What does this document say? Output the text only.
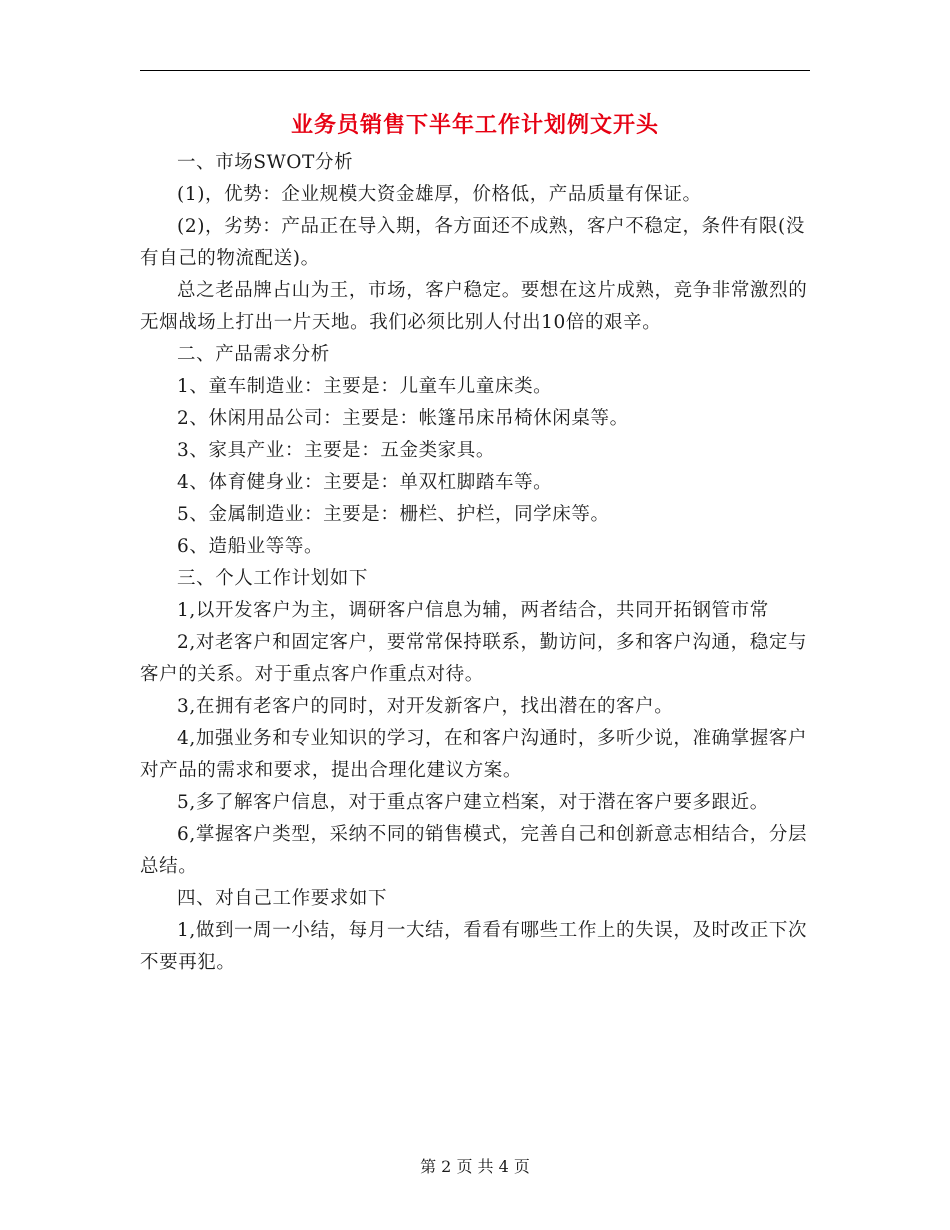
业务员销售下半年工作计划例文开头

一、市场SWOT分析

(1)，优势：企业规模大资金雄厚，价格低，产品质量有保证。

(2)，劣势：产品正在导入期，各方面还不成熟，客户不稳定，条件有限(没有自己的物流配送)。

总之老品牌占山为王，市场，客户稳定。要想在这片成熟，竞争非常激烈的无烟战场上打出一片天地。我们必须比别人付出10倍的艰辛。

二、产品需求分析

1、童车制造业：主要是：儿童车儿童床类。

2、休闲用品公司：主要是：帐篷吊床吊椅休闲桌等。

3、家具产业：主要是：五金类家具。

4、体育健身业：主要是：单双杠脚踏车等。

5、金属制造业：主要是：栅栏、护栏，同学床等。

6、造船业等等。

三、个人工作计划如下

1,以开发客户为主，调研客户信息为辅，两者结合，共同开拓钢管市常

2,对老客户和固定客户，要常常保持联系，勤访问，多和客户沟通，稳定与客户的关系。对于重点客户作重点对待。

3,在拥有老客户的同时，对开发新客户，找出潜在的客户。

4,加强业务和专业知识的学习，在和客户沟通时，多听少说，准确掌握客户对产品的需求和要求，提出合理化建议方案。

5,多了解客户信息，对于重点客户建立档案，对于潜在客户要多跟近。

6,掌握客户类型，采纳不同的销售模式，完善自己和创新意志相结合，分层总结。

四、对自己工作要求如下

1,做到一周一小结，每月一大结，看看有哪些工作上的失误，及时改正下次不要再犯。

第 2 页 共 4 页
